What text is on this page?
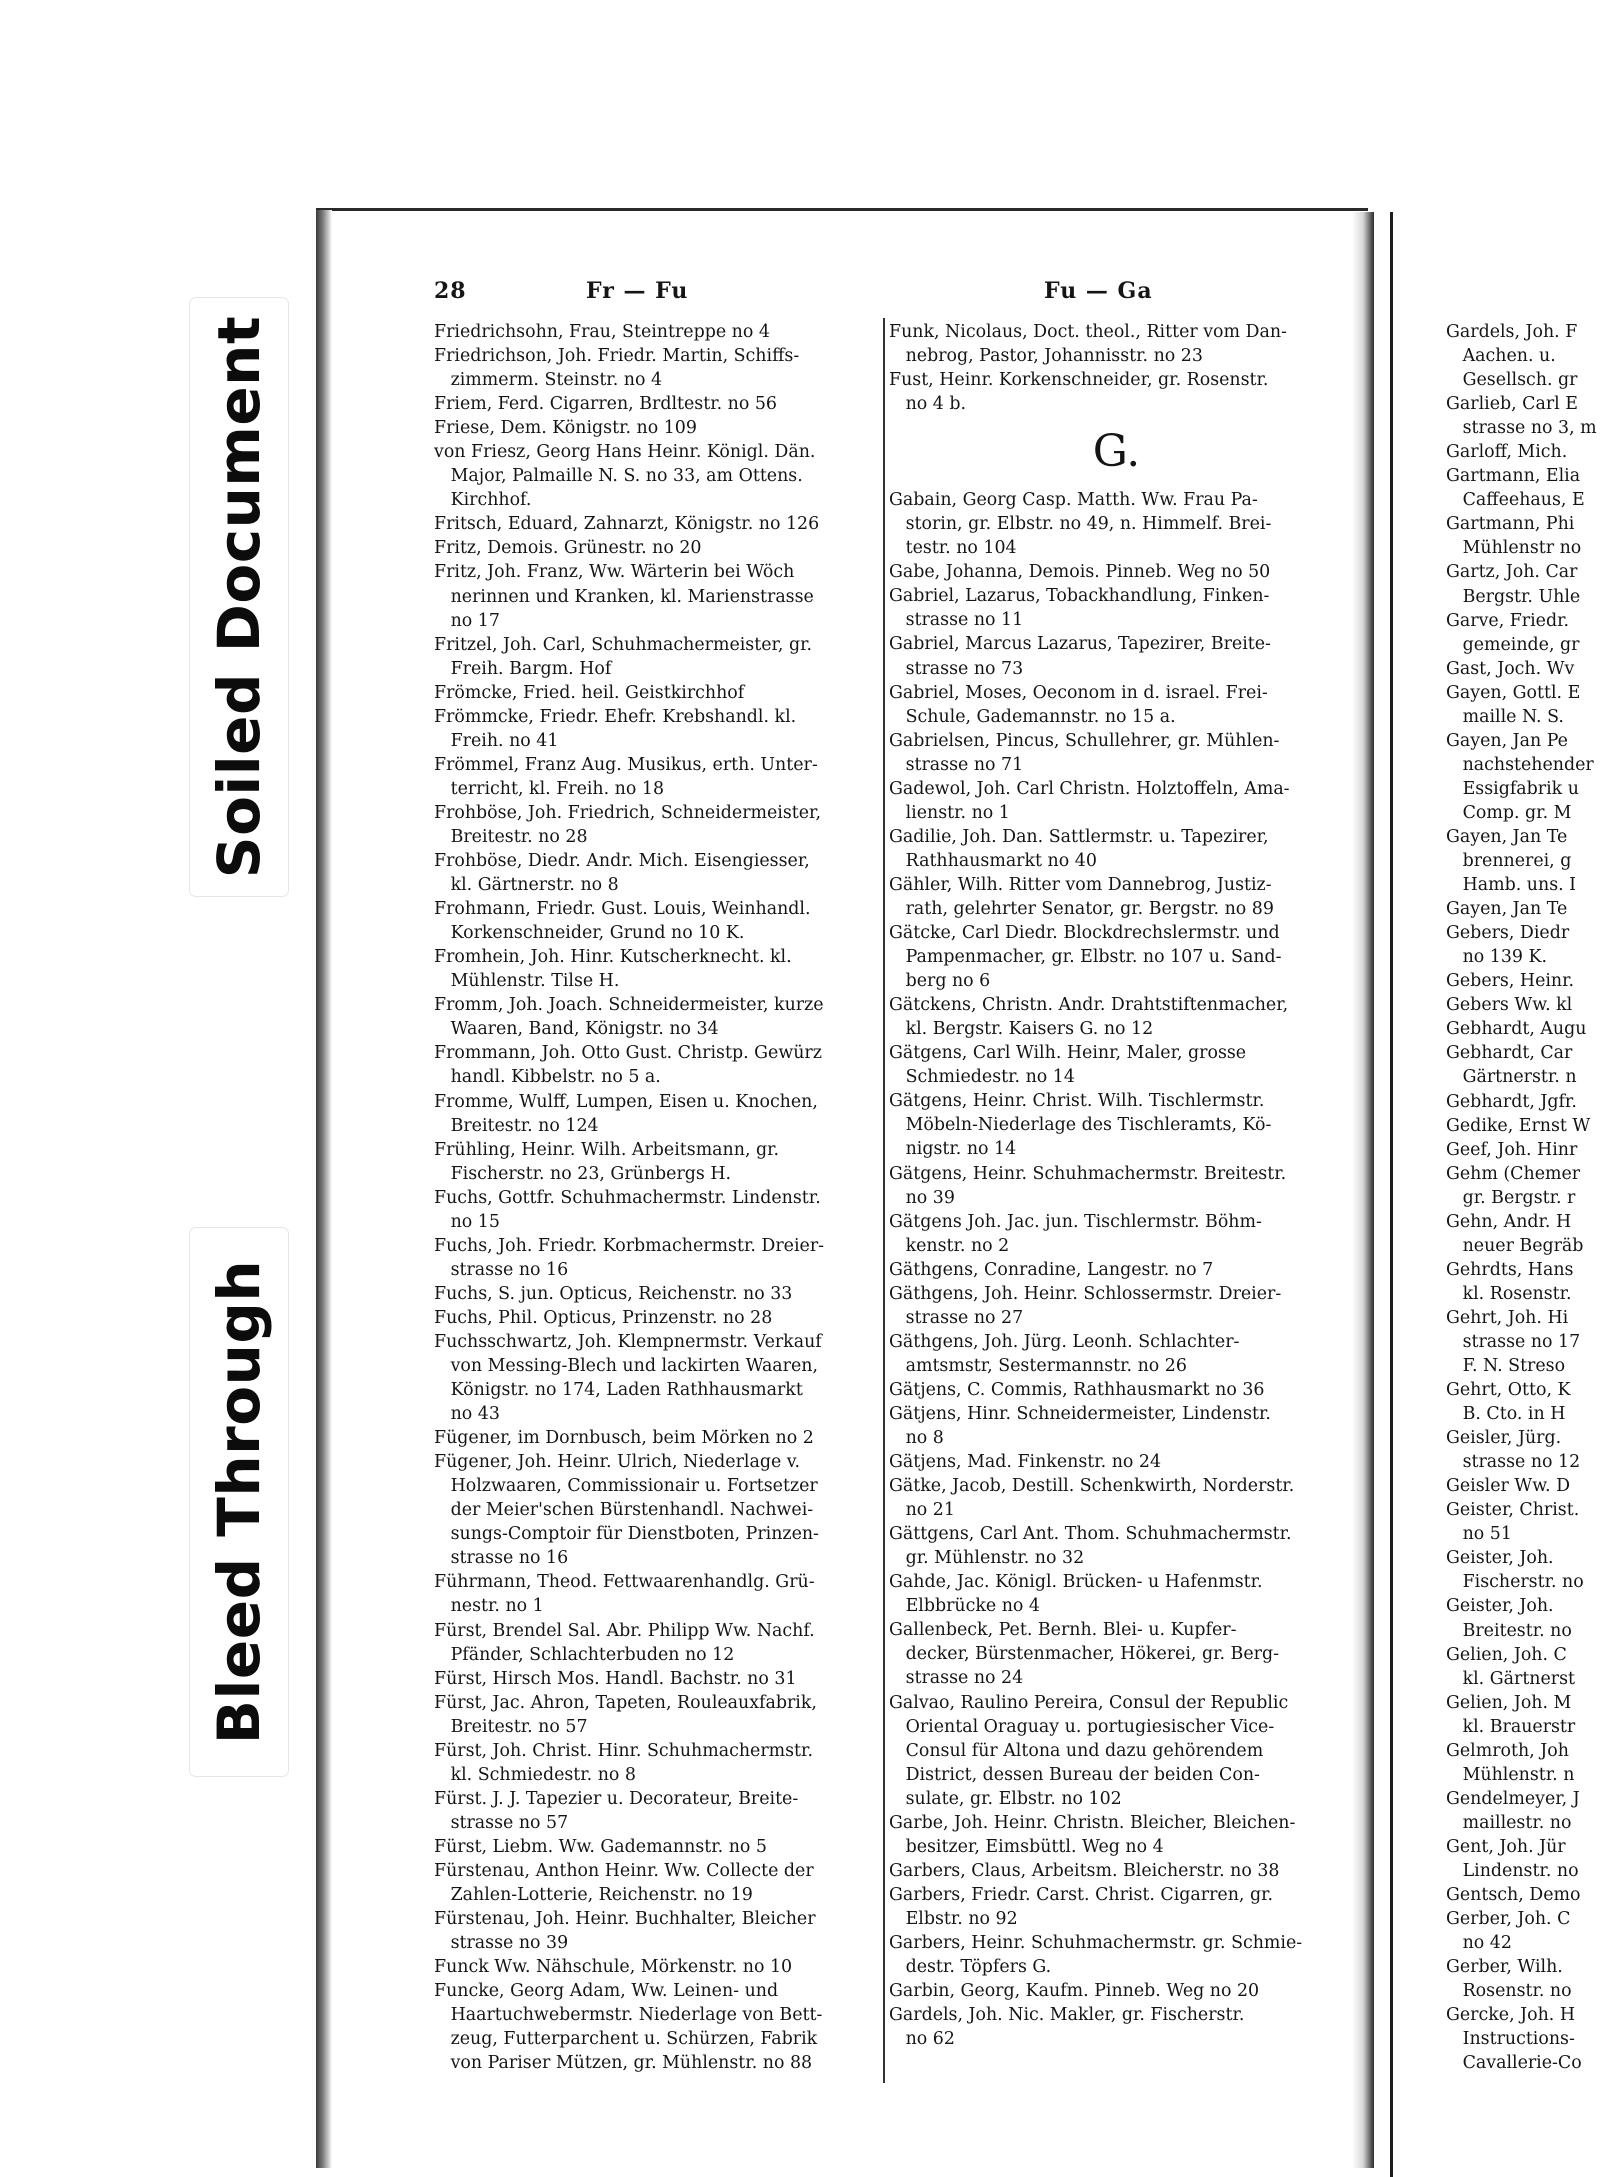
Soiled Document
Bleed Through
28	Fr — Fu	Fu — Ga
Friedrichsohn, Frau, Steintreppe no 4
Friedrichson, Joh. Friedr. Martin, Schiffs-
zimmerm. Steinstr. no 4
Friem, Ferd. Cigarren, Brdltestr. no 56
Friese, Dem. Königstr. no 109
von Friesz, Georg Hans Heinr. Königl. Dän.
Major, Palmaille N. S. no 33, am Ottens.
Kirchhof.
Fritsch, Eduard, Zahnarzt, Königstr. no 126
Fritz, Demois. Grünestr. no 20
Fritz, Joh. Franz, Ww. Wärterin bei Wöch
nerinnen und Kranken, kl. Marienstrasse
no 17
Fritzel, Joh. Carl, Schuhmachermeister, gr.
Freih. Bargm. Hof
Frömcke, Fried. heil. Geistkirchhof
Frömmcke, Friedr. Ehefr. Krebshandl. kl.
Freih. no 41
Frömmel, Franz Aug. Musikus, erth. Unter-
terricht, kl. Freih. no 18
Frohböse, Joh. Friedrich, Schneidermeister,
Breitestr. no 28
Frohböse, Diedr. Andr. Mich. Eisengiesser,
kl. Gärtnerstr. no 8
Frohmann, Friedr. Gust. Louis, Weinhandl.
Korkenschneider, Grund no 10 K.
Fromhein, Joh. Hinr. Kutscherknecht. kl.
Mühlenstr. Tilse H.
Fromm, Joh. Joach. Schneidermeister, kurze
Waaren, Band, Königstr. no 34
Frommann, Joh. Otto Gust. Christp. Gewürz
handl. Kibbelstr. no 5 a.
Fromme, Wulff, Lumpen, Eisen u. Knochen,
Breitestr. no 124
Frühling, Heinr. Wilh. Arbeitsmann, gr.
Fischerstr. no 23, Grünbergs H.
Fuchs, Gottfr. Schuhmachermstr. Lindenstr.
no 15
Fuchs, Joh. Friedr. Korbmachermstr. Dreier-
strasse no 16
Fuchs, S. jun. Opticus, Reichenstr. no 33
Fuchs, Phil. Opticus, Prinzenstr. no 28
Fuchsschwartz, Joh. Klempnermstr. Verkauf
von Messing-Blech und lackirten Waaren,
Königstr. no 174, Laden Rathhausmarkt
no 43
Fügener, im Dornbusch, beim Mörken no 2
Fügener, Joh. Heinr. Ulrich, Niederlage v.
Holzwaaren, Commissionair u. Fortsetzer
der Meier'schen Bürstenhandl. Nachwei-
sungs-Comptoir für Dienstboten, Prinzen-
strasse no 16
Führmann, Theod. Fettwaarenhandlg. Grü-
nestr. no 1
Fürst, Brendel Sal. Abr. Philipp Ww. Nachf.
Pfänder, Schlachterbuden no 12
Fürst, Hirsch Mos. Handl. Bachstr. no 31
Fürst, Jac. Ahron, Tapeten, Rouleauxfabrik,
Breitestr. no 57
Fürst, Joh. Christ. Hinr. Schuhmachermstr.
kl. Schmiedestr. no 8
Fürst. J. J. Tapezier u. Decorateur, Breite-
strasse no 57
Fürst, Liebm. Ww. Gademannstr. no 5
Fürstenau, Anthon Heinr. Ww. Collecte der
Zahlen-Lotterie, Reichenstr. no 19
Fürstenau, Joh. Heinr. Buchhalter, Bleicher
strasse no 39
Funck Ww. Nähschule, Mörkenstr. no 10
Funcke, Georg Adam, Ww. Leinen- und
Haartuchwebermstr. Niederlage von Bett-
zeug, Futterparchent u. Schürzen, Fabrik
von Pariser Mützen, gr. Mühlenstr. no 88
Funk, Nicolaus, Doct. theol., Ritter vom Dan-
nebrog, Pastor, Johannisstr. no 23
Fust, Heinr. Korkenschneider, gr. Rosenstr.
no 4 b.
G.
Gabain, Georg Casp. Matth. Ww. Frau Pa-
storin, gr. Elbstr. no 49, n. Himmelf. Brei-
testr. no 104
Gabe, Johanna, Demois. Pinneb. Weg no 50
Gabriel, Lazarus, Tobackhandlung, Finken-
strasse no 11
Gabriel, Marcus Lazarus, Tapezirer, Breite-
strasse no 73
Gabriel, Moses, Oeconom in d. israel. Frei-
Schule, Gademannstr. no 15 a.
Gabrielsen, Pincus, Schullehrer, gr. Mühlen-
strasse no 71
Gadewol, Joh. Carl Christn. Holztoffeln, Ama-
lienstr. no 1
Gadilie, Joh. Dan. Sattlermstr. u. Tapezirer,
Rathhausmarkt no 40
Gähler, Wilh. Ritter vom Dannebrog, Justiz-
rath, gelehrter Senator, gr. Bergstr. no 89
Gätcke, Carl Diedr. Blockdrechslermstr. und
Pampenmacher, gr. Elbstr. no 107 u. Sand-
berg no 6
Gätckens, Christn. Andr. Drahtstiftenmacher,
kl. Bergstr. Kaisers G. no 12
Gätgens, Carl Wilh. Heinr, Maler, grosse
Schmiedestr. no 14
Gätgens, Heinr. Christ. Wilh. Tischlermstr.
Möbeln-Niederlage des Tischleramts, Kö-
nigstr. no 14
Gätgens, Heinr. Schuhmachermstr. Breitestr.
no 39
Gätgens Joh. Jac. jun. Tischlermstr. Böhm-
kenstr. no 2
Gäthgens, Conradine, Langestr. no 7
Gäthgens, Joh. Heinr. Schlossermstr. Dreier-
strasse no 27
Gäthgens, Joh. Jürg. Leonh. Schlachter-
amtsmstr, Sestermannstr. no 26
Gätjens, C. Commis, Rathhausmarkt no 36
Gätjens, Hinr. Schneidermeister, Lindenstr.
no 8
Gätjens, Mad. Finkenstr. no 24
Gätke, Jacob, Destill. Schenkwirth, Norderstr.
no 21
Gättgens, Carl Ant. Thom. Schuhmachermstr.
gr. Mühlenstr. no 32
Gahde, Jac. Königl. Brücken- u Hafenmstr.
Elbbrücke no 4
Gallenbeck, Pet. Bernh. Blei- u. Kupfer-
decker, Bürstenmacher, Hökerei, gr. Berg-
strasse no 24
Galvao, Raulino Pereira, Consul der Republic
Oriental Oraguay u. portugiesischer Vice-
Consul für Altona und dazu gehörendem
District, dessen Bureau der beiden Con-
sulate, gr. Elbstr. no 102
Garbe, Joh. Heinr. Christn. Bleicher, Bleichen-
besitzer, Eimsbüttl. Weg no 4
Garbers, Claus, Arbeitsm. Bleicherstr. no 38
Garbers, Friedr. Carst. Christ. Cigarren, gr.
Elbstr. no 92
Garbers, Heinr. Schuhmachermstr. gr. Schmie-
destr. Töpfers G.
Garbin, Georg, Kaufm. Pinneb. Weg no 20
Gardels, Joh. Nic. Makler, gr. Fischerstr.
no 62
Gardels, Joh. F
Aachen. u.
Gesellsch. gr
Garlieb, Carl E
strasse no 3, m
Garloff, Mich.
Gartmann, Elia
Caffeehaus, E
Gartmann, Phi
Mühlenstr no
Gartz, Joh. Car
Bergstr. Uhle
Garve, Friedr.
gemeinde, gr
Gast, Joch. Wv
Gayen, Gottl. E
maille N. S.
Gayen, Jan Pe
nachstehender
Essigfabrik u
Comp. gr. M
Gayen, Jan Te
brennerei, g
Hamb. uns. I
Gayen, Jan Te
Gebers, Diedr
no 139 K.
Gebers, Heinr.
Gebers Ww. kl
Gebhardt, Augu
Gebhardt, Car
Gärtnerstr. n
Gebhardt, Jgfr.
Gedike, Ernst W
Geef, Joh. Hinr
Gehm (Chemer
gr. Bergstr. r
Gehn, Andr. H
neuer Begräb
Gehrdts, Hans
kl. Rosenstr.
Gehrt, Joh. Hi
strasse no 17
F. N. Streso
Gehrt, Otto, K
B. Cto. in H
Geisler, Jürg.
strasse no 12
Geisler Ww. D
Geister, Christ.
no 51
Geister, Joh.
Fischerstr. no
Geister, Joh.
Breitestr. no
Gelien, Joh. C
kl. Gärtnerst
Gelien, Joh. M
kl. Brauerstr
Gelmroth, Joh
Mühlenstr. n
Gendelmeyer, J
maillestr. no
Gent, Joh. Jür
Lindenstr. no
Gentsch, Demo
Gerber, Joh. C
no 42
Gerber, Wilh.
Rosenstr. no
Gercke, Joh. H
Instructions-
Cavallerie-Co
